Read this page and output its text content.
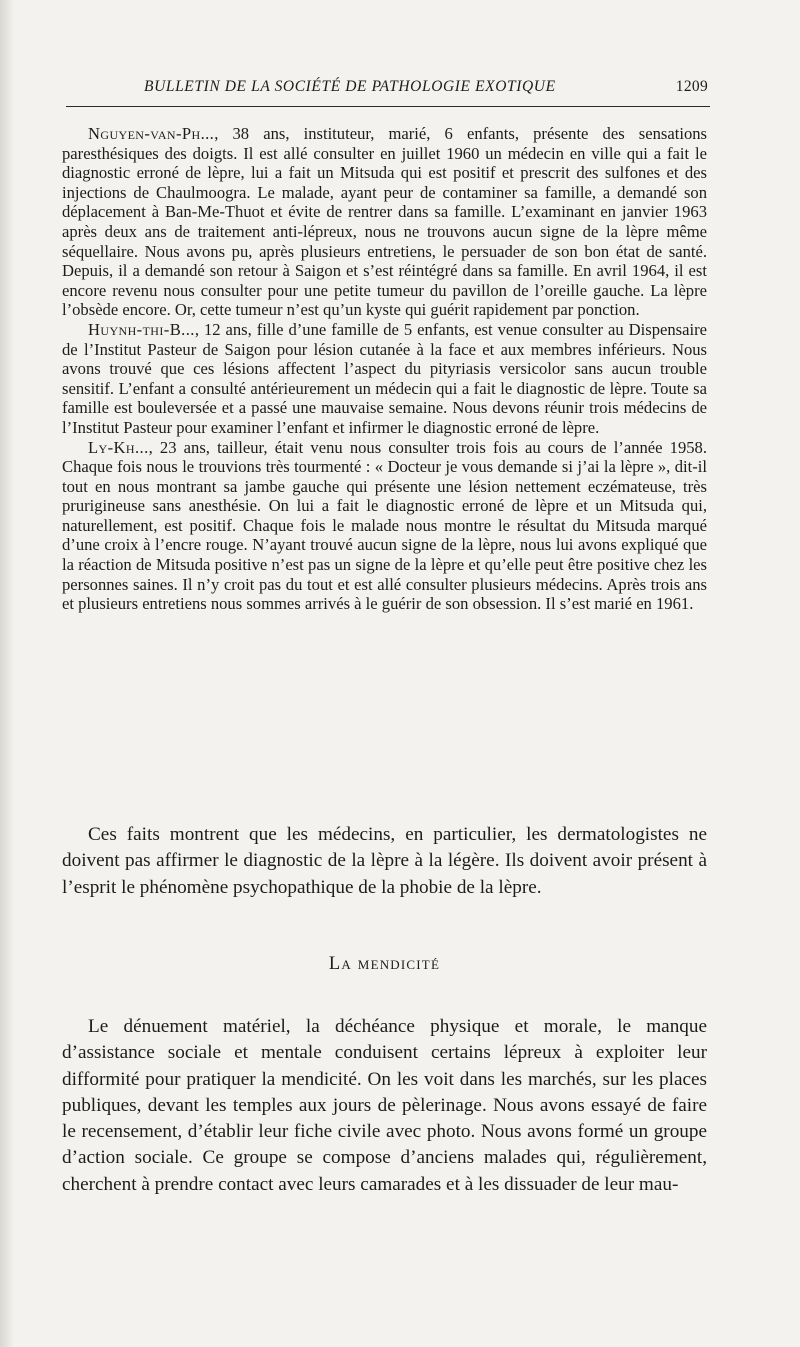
BULLETIN DE LA SOCIÉTÉ DE PATHOLOGIE EXOTIQUE	1209

Nguyen-van-Ph..., 38 ans, instituteur, marié, 6 enfants, présente des sensations paresthésiques des doigts. Il est allé consulter en juillet 1960 un médecin en ville qui a fait le diagnostic erroné de lèpre, lui a fait un Mitsuda qui est positif et prescrit des sulfones et des injections de Chaulmoogra. Le malade, ayant peur de contaminer sa famille, a demandé son déplacement à Ban-Me-Thuot et évite de rentrer dans sa famille. L’examinant en janvier 1963 après deux ans de traitement anti-lépreux, nous ne trouvons aucun signe de la lèpre même séquellaire. Nous avons pu, après plusieurs entretiens, le persuader de son bon état de santé. Depuis, il a demandé son retour à Saigon et s’est réintégré dans sa famille. En avril 1964, il est encore revenu nous consulter pour une petite tumeur du pavillon de l’oreille gauche. La lèpre l’obsède encore. Or, cette tumeur n’est qu’un kyste qui guérit rapidement par ponction.

Huynh-thi-B..., 12 ans, fille d’une famille de 5 enfants, est venue consulter au Dispensaire de l’Institut Pasteur de Saigon pour lésion cutanée à la face et aux membres inférieurs. Nous avons trouvé que ces lésions affectent l’aspect du pityriasis versicolor sans aucun trouble sensitif. L’enfant a consulté antérieurement un médecin qui a fait le diagnostic de lèpre. Toute sa famille est bouleversée et a passé une mauvaise semaine. Nous devons réunir trois médecins de l’Institut Pasteur pour examiner l’enfant et infirmer le diagnostic erroné de lèpre.

Ly-Kh..., 23 ans, tailleur, était venu nous consulter trois fois au cours de l’année 1958. Chaque fois nous le trouvions très tourmenté : « Docteur je vous demande si j’ai la lèpre », dit-il tout en nous montrant sa jambe gauche qui présente une lésion nettement eczémateuse, très prurigineuse sans anesthésie. On lui a fait le diagnostic erroné de lèpre et un Mitsuda qui, naturellement, est positif. Chaque fois le malade nous montre le résultat du Mitsuda marqué d’une croix à l’encre rouge. N’ayant trouvé aucun signe de la lèpre, nous lui avons expliqué que la réaction de Mitsuda positive n’est pas un signe de la lèpre et qu’elle peut être positive chez les personnes saines. Il n’y croit pas du tout et est allé consulter plusieurs médecins. Après trois ans et plusieurs entretiens nous sommes arrivés à le guérir de son obsession. Il s’est marié en 1961.

Ces faits montrent que les médecins, en particulier, les dermatologistes ne doivent pas affirmer le diagnostic de la lèpre à la légère. Ils doivent avoir présent à l’esprit le phénomène psychopathique de la phobie de la lèpre.

La mendicité

Le dénuement matériel, la déchéance physique et morale, le manque d’assistance sociale et mentale conduisent certains lépreux à exploiter leur difformité pour pratiquer la mendicité. On les voit dans les marchés, sur les places publiques, devant les temples aux jours de pèlerinage. Nous avons essayé de faire le recensement, d’établir leur fiche civile avec photo. Nous avons formé un groupe d’action sociale. Ce groupe se compose d’anciens malades qui, régulièrement, cherchent à prendre contact avec leurs camarades et à les dissuader de leur mau-
